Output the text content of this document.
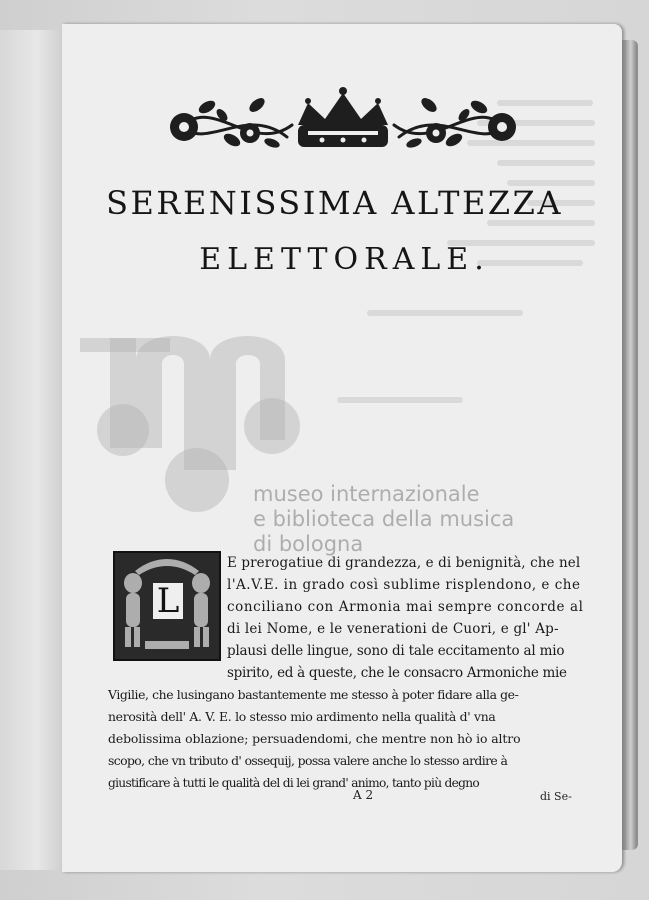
SERENISSIMA ALTEZZA
ELETTORALE.

museo internazionale

e biblioteca della musica

di bologna

L

E prerogatiue di grandezza, e di benignità, che nel

l'A.V.E. in grado così sublime risplendono, e che

conciliano con Armonia mai sempre concorde al

di lei Nome, e le venerationi de Cuori, e gl' Ap-

plausi delle lingue, sono di tale eccitamento al mio

spirito, ed à queste, che le consacro Armoniche mie

Vigilie, che lusingano bastantemente me stesso à poter fidare alla ge-

nerosità dell' A. V. E. lo stesso mio ardimento nella qualità d' vna

debolissima oblazione; persuadendomi, che mentre non hò io altro

scopo, che vn tributo d' ossequij, possa valere anche lo stesso ardire à

giustificare à tutti le qualità del di lei grand' animo, tanto più degno

A 2	di Se-
